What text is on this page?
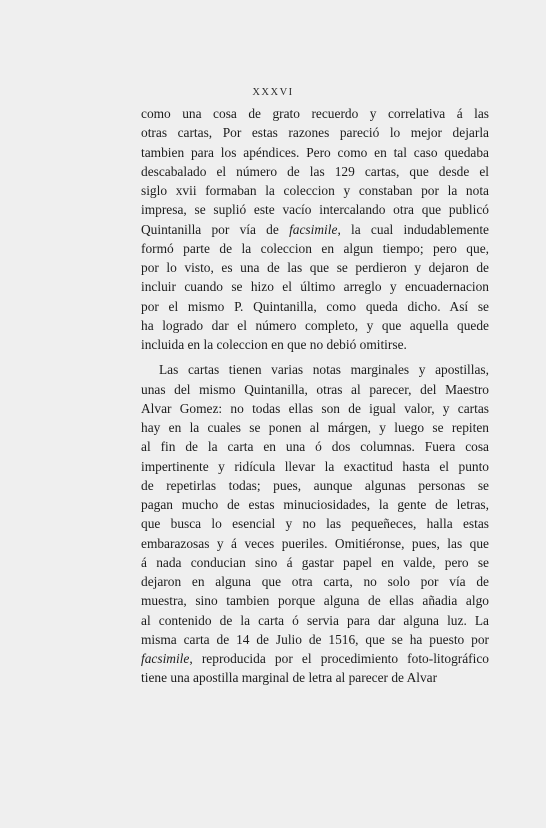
XXXVI

como una cosa de grato recuerdo y correlativa á las
otras cartas, Por estas razones pareció lo mejor dejarla
tambien para los apéndices. Pero como en tal caso quedaba
descabalado el número de las 129 cartas, que desde el
siglo xvii formaban la coleccion y constaban por la nota
impresa, se suplió este vacío intercalando otra que publicó
Quintanilla por vía de facsimile, la cual indudablemente
formó parte de la coleccion en algun tiempo; pero que,
por lo visto, es una de las que se perdieron y dejaron de
incluir cuando se hizo el último arreglo y encuadernacion
por el mismo P. Quintanilla, como queda dicho. Así se
ha logrado dar el número completo, y que aquella quede
incluida en la coleccion en que no debió omitirse.

Las cartas tienen varias notas marginales y apostillas,
unas del mismo Quintanilla, otras al parecer, del Maestro
Alvar Gomez: no todas ellas son de igual valor, y cartas
hay en la cuales se ponen al márgen, y luego se repiten
al fin de la carta en una ó dos columnas. Fuera cosa
impertinente y ridícula llevar la exactitud hasta el punto
de repetirlas todas; pues, aunque algunas personas se
pagan mucho de estas minuciosidades, la gente de letras,
que busca lo esencial y no las pequeñeces, halla estas
embarazosas y á veces pueriles. Omitiéronse, pues, las que
á nada conducian sino á gastar papel en valde, pero se
dejaron en alguna que otra carta, no solo por vía de
muestra, sino tambien porque alguna de ellas añadia algo
al contenido de la carta ó servia para dar alguna luz. La
misma carta de 14 de Julio de 1516, que se ha puesto por
facsimile, reproducida por el procedimiento foto-litográfico
tiene una apostilla marginal de letra al parecer de Alvar
